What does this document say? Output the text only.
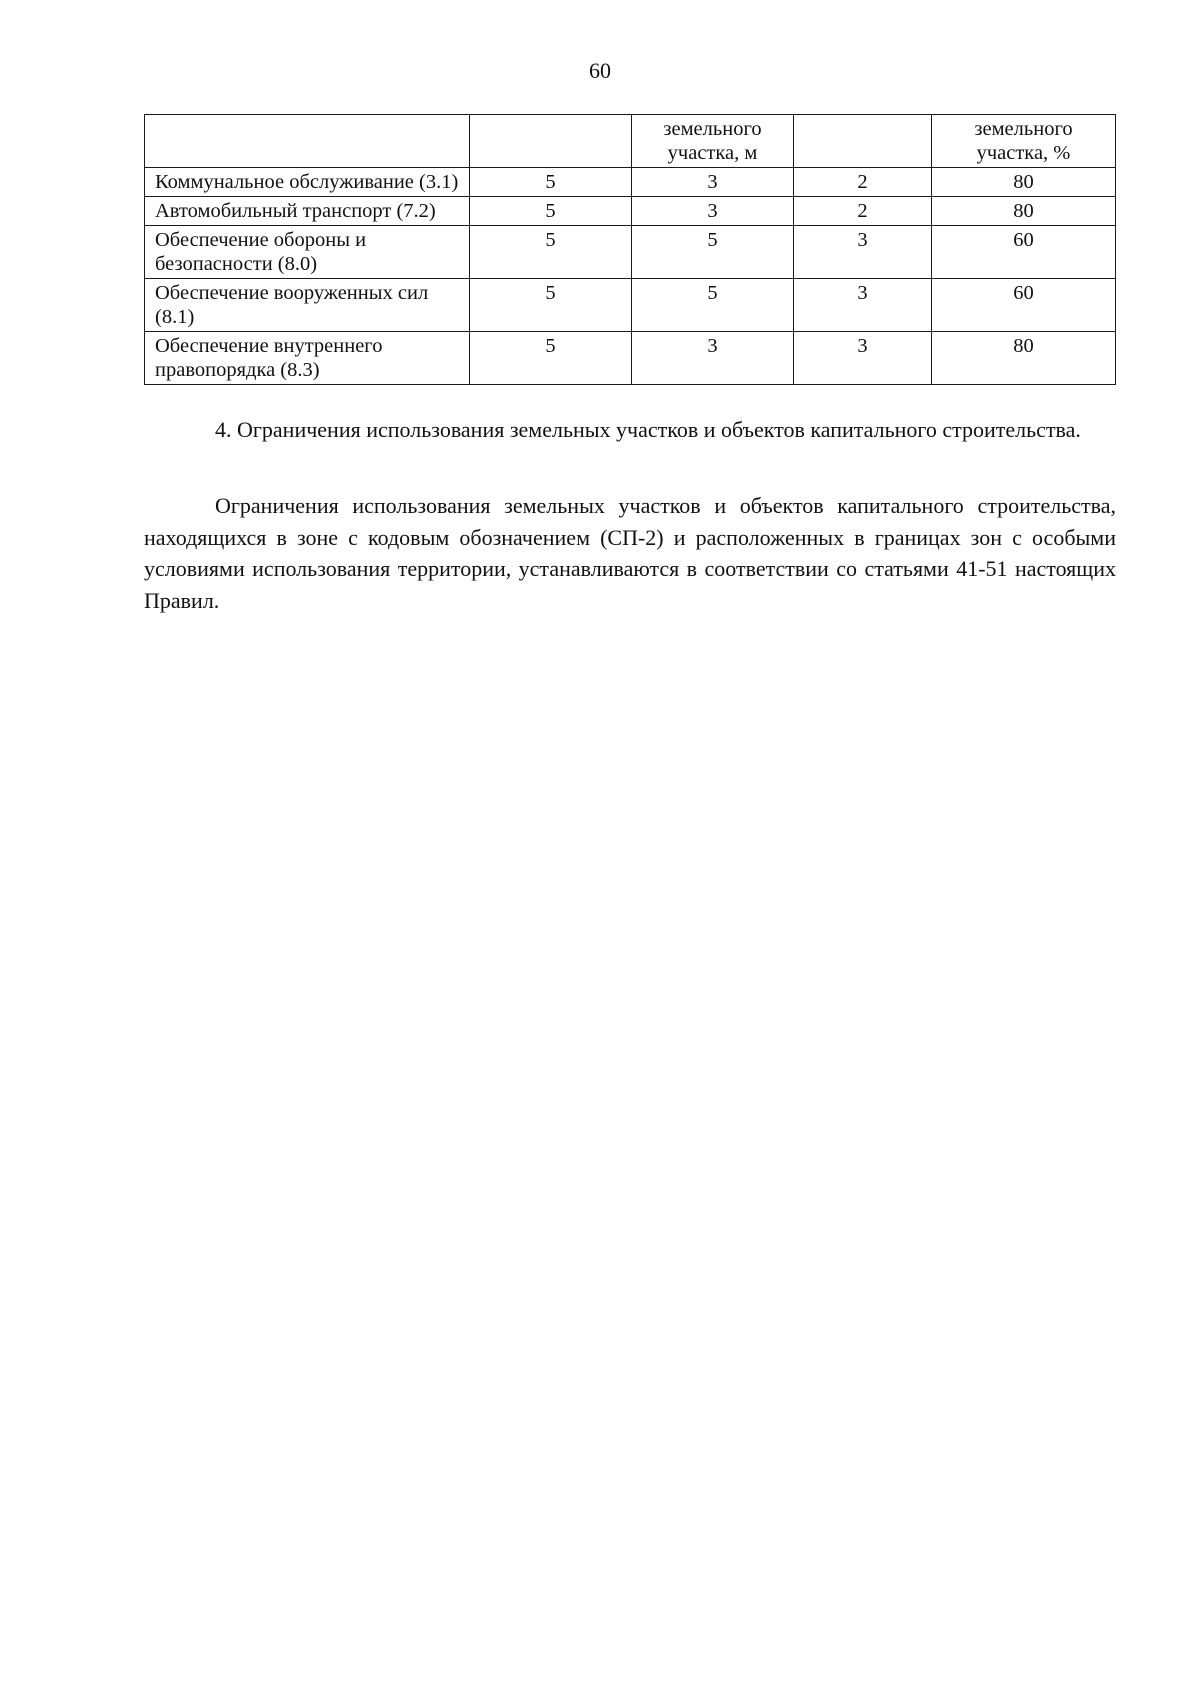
60
		земельного участка, м		земельного участка, %
Коммунальное обслуживание (3.1)	5	3	2	80
Автомобильный транспорт (7.2)	5	3	2	80
Обеспечение обороны и безопасности (8.0)	5	5	3	60
Обеспечение вооруженных сил (8.1)	5	5	3	60
Обеспечение внутреннего правопорядка (8.3)	5	3	3	80

4. Ограничения использования земельных участков и объектов капитального строительства.

Ограничения использования земельных участков и объектов капитального строительства, находящихся в зоне с кодовым обозначением (СП-2) и расположенных в границах зон с особыми условиями использования территории, устанавливаются в соответствии со статьями 41-51 настоящих Правил.
